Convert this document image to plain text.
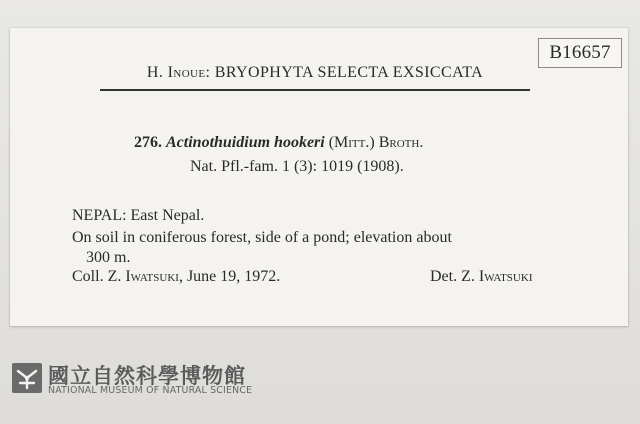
B16657
H. Inoue: BRYOPHYTA SELECTA EXSICCATA
276. Actinothuidium hookeri (Mitt.) Broth.
Nat. Pfl.-fam. 1 (3): 1019 (1908).
NEPAL: East Nepal.
On soil in coniferous forest, side of a pond; elevation about
300 m.
Coll. Z. Iwatsuki, June 19, 1972.	Det. Z. Iwatsuki
國立自然科學博物館
NATIONAL MUSEUM OF NATURAL SCIENCE
